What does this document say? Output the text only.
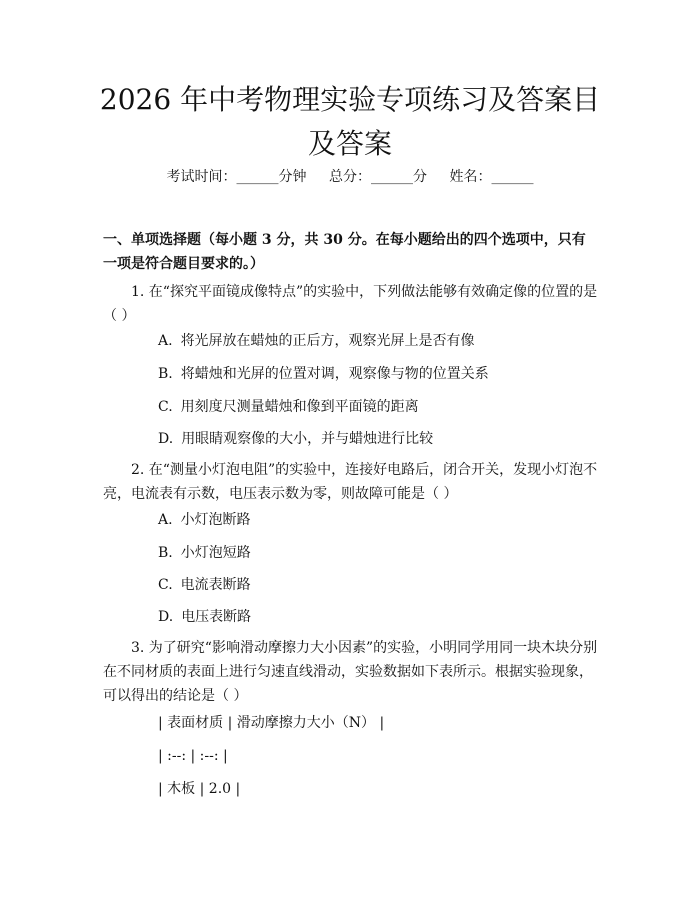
2026 年中考物理实验专项练习及答案目及答案
考试时间：______分钟 总分：______分 姓名：______

一、单项选择题（每小题 3 分，共 30 分。在每小题给出的四个选项中，只有一项是符合题目要求的。）

1. 在“探究平面镜成像特点”的实验中，下列做法能够有效确定像的位置的是（ ）

A. 将光屏放在蜡烛的正后方，观察光屏上是否有像

B. 将蜡烛和光屏的位置对调，观察像与物的位置关系

C. 用刻度尺测量蜡烛和像到平面镜的距离

D. 用眼睛观察像的大小，并与蜡烛进行比较

2. 在“测量小灯泡电阻”的实验中，连接好电路后，闭合开关，发现小灯泡不亮，电流表有示数，电压表示数为零，则故障可能是（ ）

A. 小灯泡断路

B. 小灯泡短路

C. 电流表断路

D. 电压表断路

3. 为了研究“影响滑动摩擦力大小因素”的实验，小明同学用同一块木块分别在不同材质的表面上进行匀速直线滑动，实验数据如下表所示。根据实验现象，可以得出的结论是（ ）

| 表面材质 | 滑动摩擦力大小（N） |

| :--: | :--: |

| 木板 | 2.0 |
